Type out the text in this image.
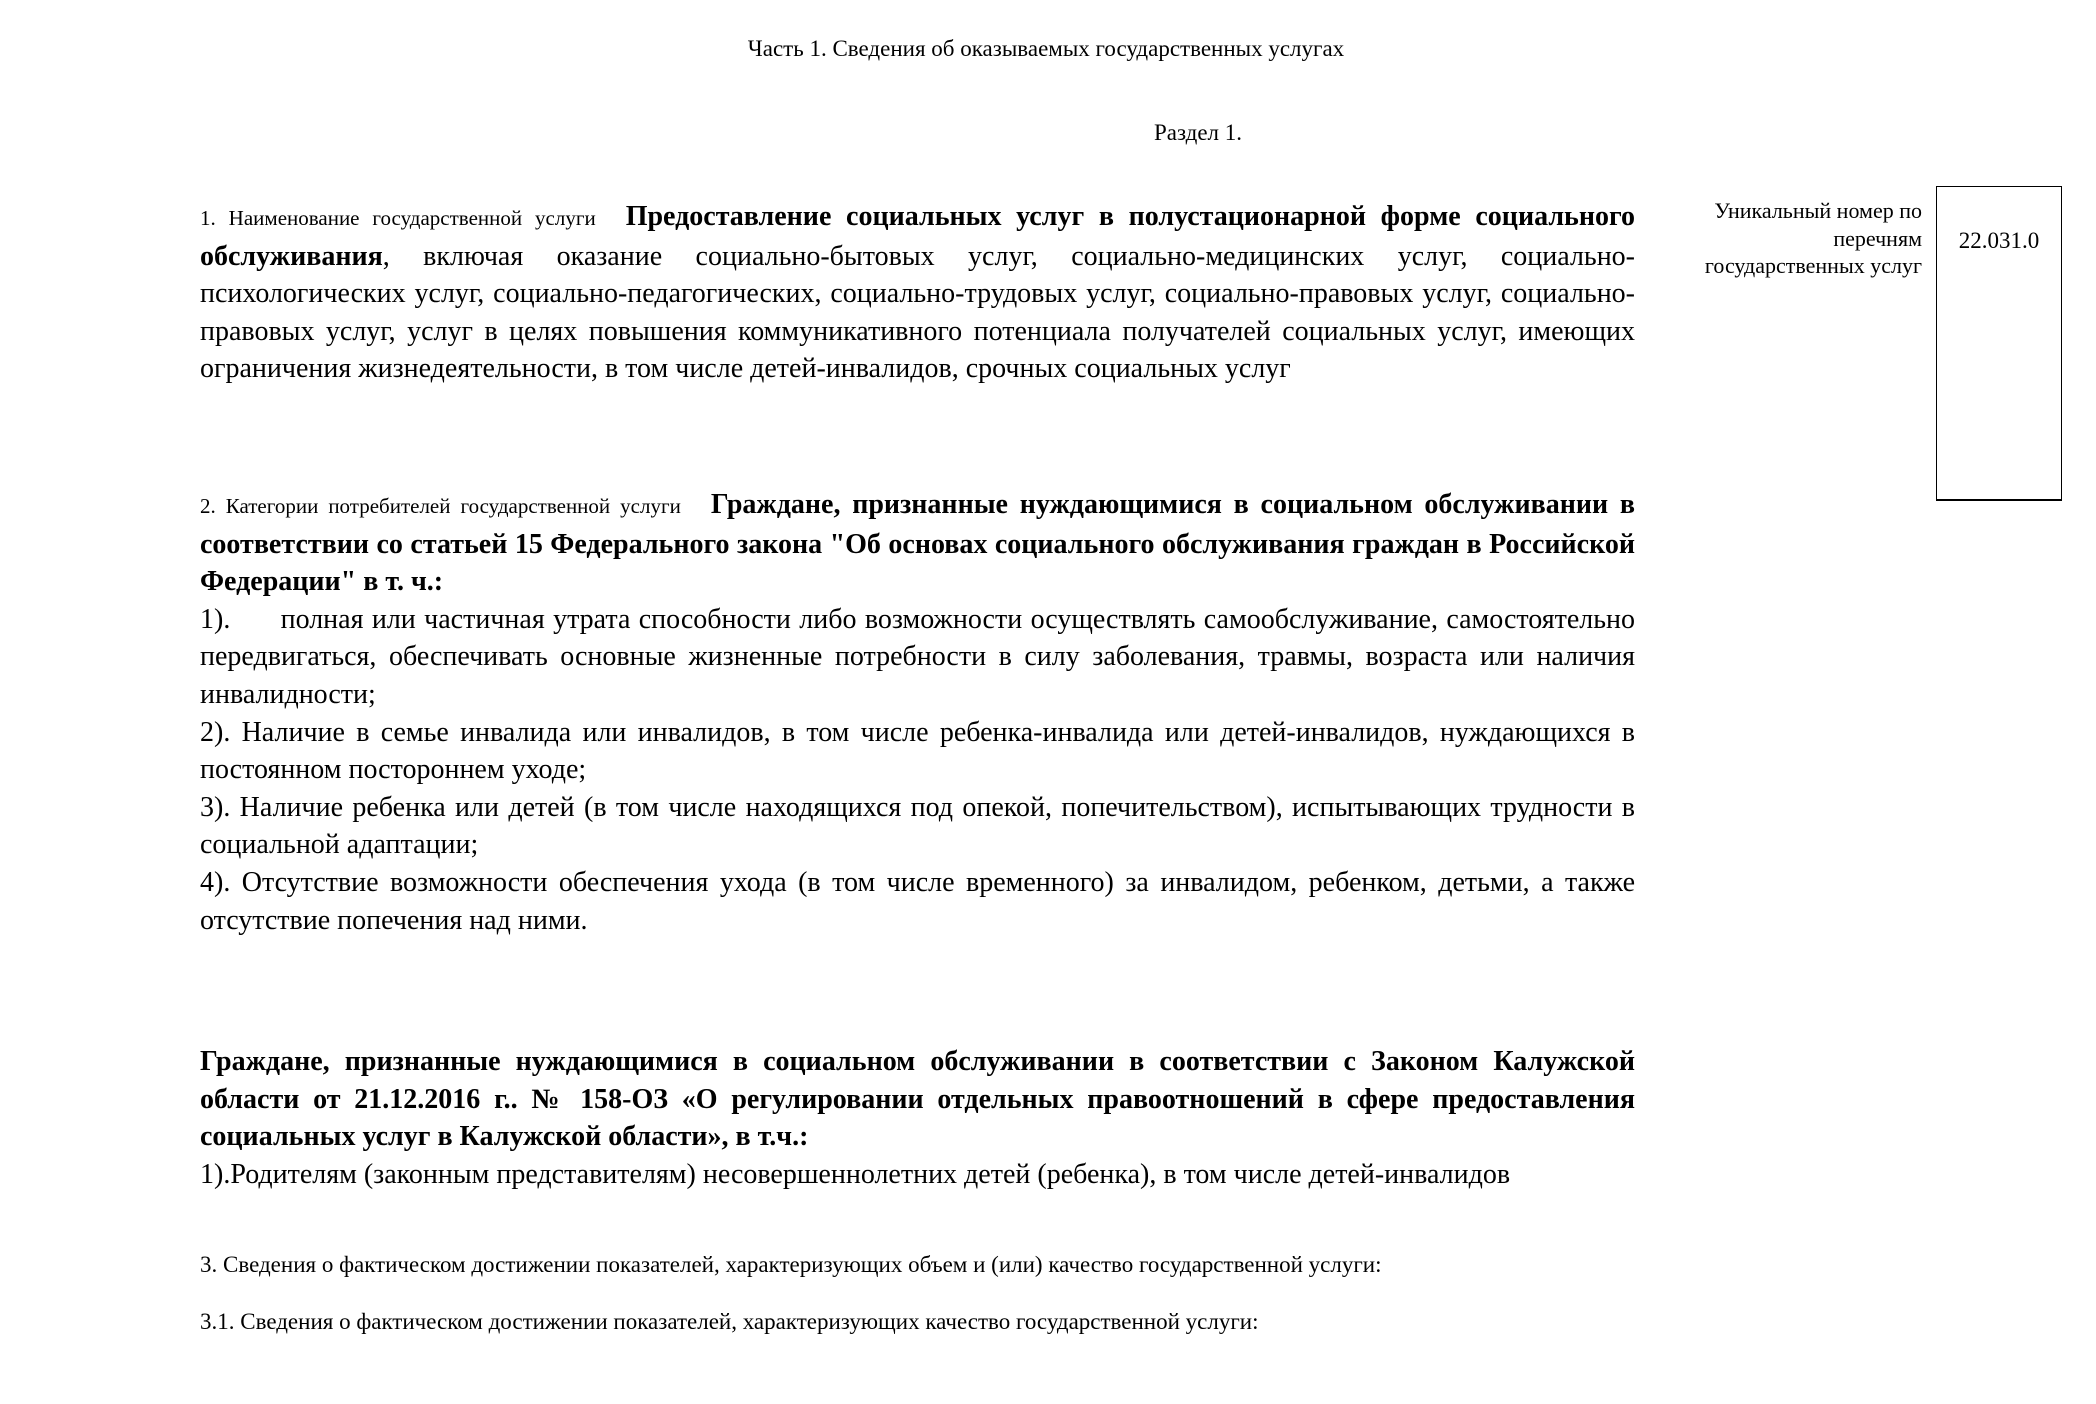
Часть 1. Сведения об оказываемых государственных услугах
Раздел 1.
1. Наименование государственной услуги Предоставление социальных услуг в полустационарной форме социального обслуживания, включая оказание социально-бытовых услуг, социально-медицинских услуг, социально-психологических услуг, социально-педагогических, социально-трудовых услуг, социально-правовых услуг, социально-правовых услуг, услуг в целях повышения коммуникативного потенциала получателей социальных услуг, имеющих ограничения жизнедеятельности, в том числе детей-инвалидов, срочных социальных услуг
Уникальный номер по перечням государственных услуг
22.031.0
2. Категории потребителей государственной услуги Граждане, признанные нуждающимися в социальном обслуживании в соответствии со статьей 15 Федерального закона "Об основах социального обслуживания граждан в Российской Федерации" в т. ч.:
1).      полная или частичная утрата способности либо возможности осуществлять самообслуживание, самостоятельно передвигаться, обеспечивать основные жизненные потребности в силу заболевания, травмы, возраста или наличия инвалидности;
2). Наличие в семье инвалида или инвалидов, в том числе ребенка-инвалида или детей-инвалидов, нуждающихся в постоянном постороннем уходе;
3). Наличие ребенка или детей (в том числе находящихся под опекой, попечительством), испытывающих трудности в социальной адаптации;
4). Отсутствие возможности обеспечения ухода (в том числе временного) за инвалидом, ребенком, детьми, а также отсутствие попечения над ними.
Граждане, признанные нуждающимися в социальном обслуживании в соответствии с Законом Калужской области от 21.12.2016 г.. № 158-ОЗ «О регулировании отдельных правоотношений в сфере предоставления социальных услуг в Калужской области», в т.ч.:
1).Родителям (законным представителям) несовершеннолетних детей (ребенка), в том числе детей-инвалидов
3. Сведения о фактическом достижении показателей, характеризующих объем и (или) качество государственной услуги:
3.1. Сведения о фактическом достижении показателей, характеризующих качество государственной услуги:
